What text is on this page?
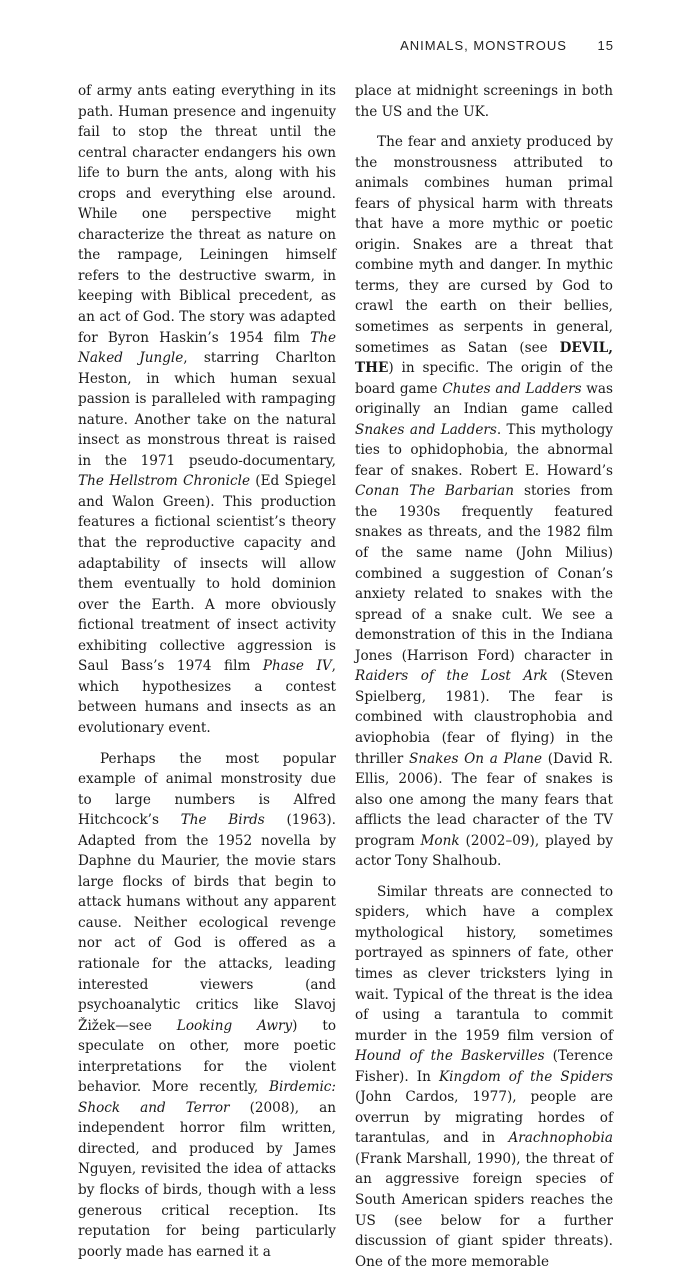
ANIMALS, MONSTROUS 15

of army ants eating everything in its path. Human presence and ingenuity fail to stop the threat until the central character endangers his own life to burn the ants, along with his crops and everything else around. While one perspective might characterize the threat as nature on the rampage, Leiningen himself refers to the destructive swarm, in keeping with Biblical precedent, as an act of God. The story was adapted for Byron Haskin’s 1954 film The Naked Jungle, starring Charlton Heston, in which human sexual passion is paralleled with rampaging nature. Another take on the natural insect as monstrous threat is raised in the 1971 pseudo-documentary, The Hellstrom Chronicle (Ed Spiegel and Walon Green). This production features a fictional scientist’s theory that the reproductive capacity and adaptability of insects will allow them eventually to hold dominion over the Earth. A more obviously fictional treatment of insect activity exhibiting collective aggression is Saul Bass’s 1974 film Phase IV, which hypothesizes a contest between humans and insects as an evolutionary event.

Perhaps the most popular example of animal monstrosity due to large numbers is Alfred Hitchcock’s The Birds (1963). Adapted from the 1952 novella by Daphne du Maurier, the movie stars large flocks of birds that begin to attack humans without any apparent cause. Neither ecological revenge nor act of God is offered as a rationale for the attacks, leading interested viewers (and psychoanalytic critics like Slavoj Žižek—see Looking Awry) to speculate on other, more poetic interpretations for the violent behavior. More recently, Birdemic: Shock and Terror (2008), an independent horror film written, directed, and produced by James Nguyen, revisited the idea of attacks by flocks of birds, though with a less generous critical reception. Its reputation for being particularly poorly made has earned it a

place at midnight screenings in both the US and the UK.

The fear and anxiety produced by the monstrousness attributed to animals combines human primal fears of physical harm with threats that have a more mythic or poetic origin. Snakes are a threat that combine myth and danger. In mythic terms, they are cursed by God to crawl the earth on their bellies, sometimes as serpents in general, sometimes as Satan (see DEVIL, THE) in specific. The origin of the board game Chutes and Ladders was originally an Indian game called Snakes and Ladders. This mythology ties to ophidophobia, the abnormal fear of snakes. Robert E. Howard’s Conan The Barbarian stories from the 1930s frequently featured snakes as threats, and the 1982 film of the same name (John Milius) combined a suggestion of Conan’s anxiety related to snakes with the spread of a snake cult. We see a demonstration of this in the Indiana Jones (Harrison Ford) character in Raiders of the Lost Ark (Steven Spielberg, 1981). The fear is combined with claustrophobia and aviophobia (fear of flying) in the thriller Snakes On a Plane (David R. Ellis, 2006). The fear of snakes is also one among the many fears that afflicts the lead character of the TV program Monk (2002–09), played by actor Tony Shalhoub.

Similar threats are connected to spiders, which have a complex mythological history, sometimes portrayed as spinners of fate, other times as clever tricksters lying in wait. Typical of the threat is the idea of using a tarantula to commit murder in the 1959 film version of Hound of the Baskervilles (Terence Fisher). In Kingdom of the Spiders (John Cardos, 1977), people are overrun by migrating hordes of tarantulas, and in Arachnophobia (Frank Marshall, 1990), the threat of an aggressive foreign species of South American spiders reaches the US (see below for a further discussion of giant spider threats). One of the more memorable
